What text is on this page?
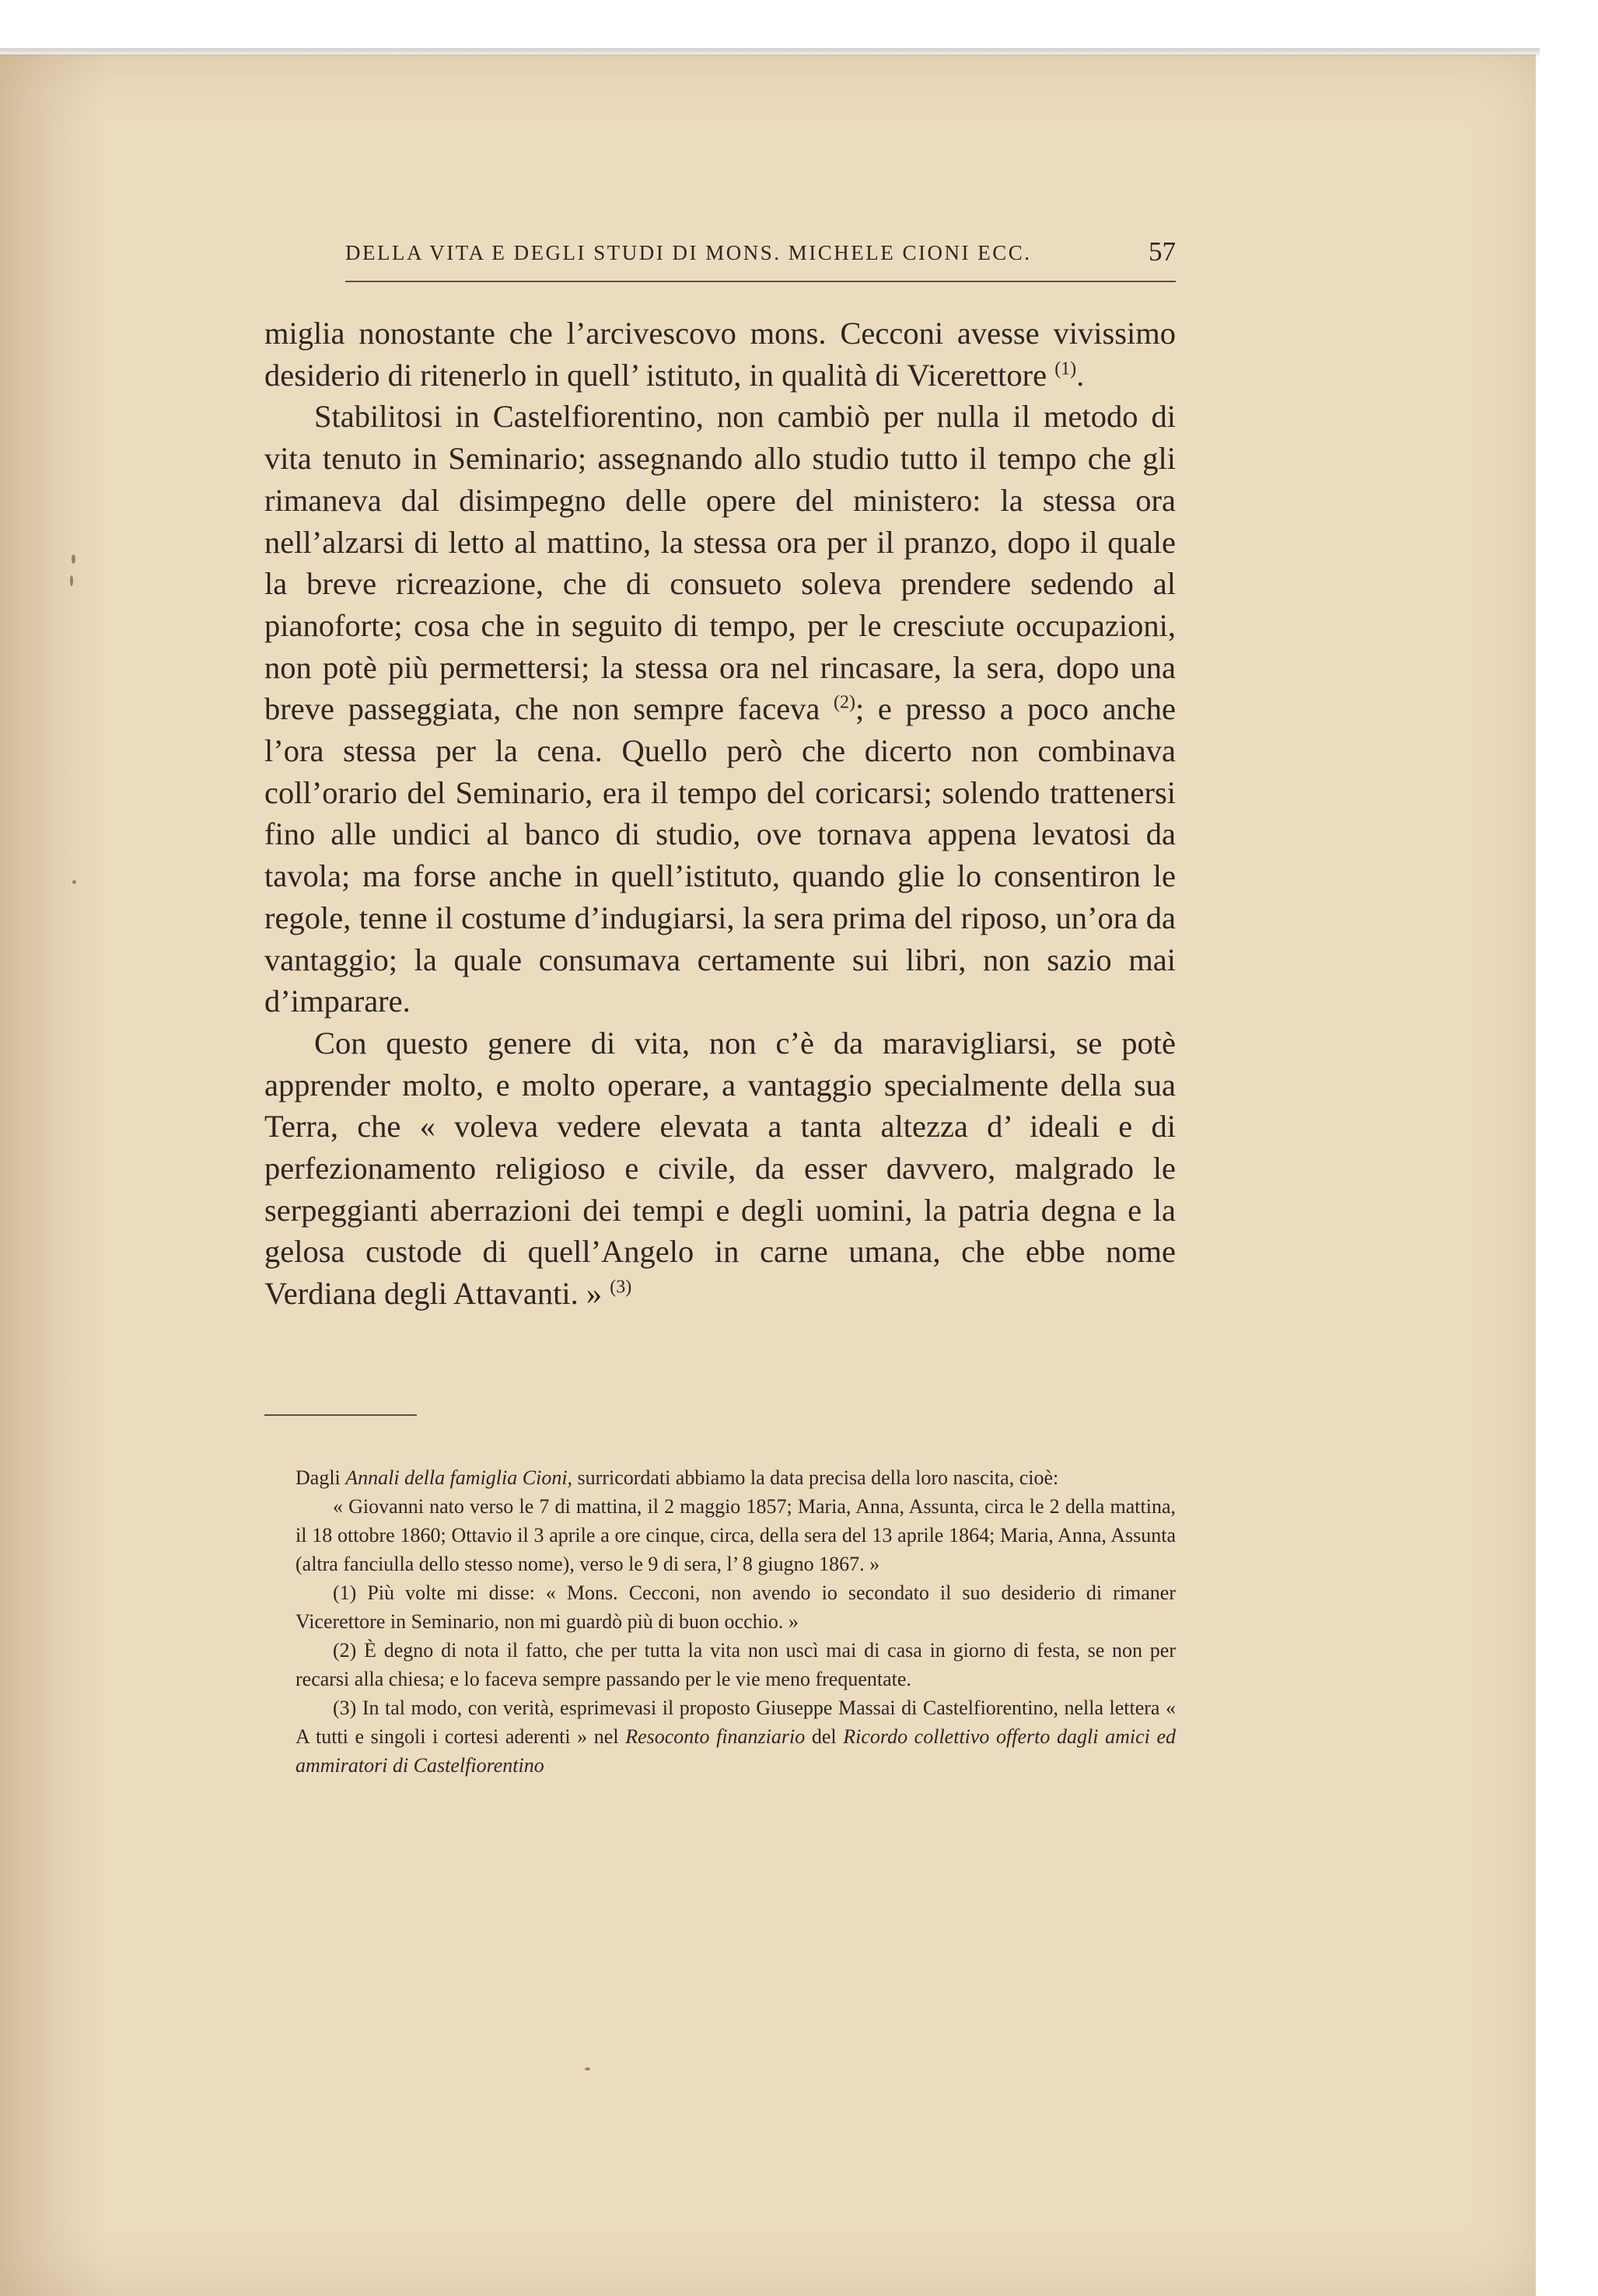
DELLA VITA E DEGLI STUDI DI MONS. MICHELE CIONI ECC.	57

miglia nonostante che l’arcivescovo mons. Cecconi avesse vivissimo desiderio di ritenerlo in quell’ istituto, in qualità di Vicerettore $^{(1)}$.

Stabilitosi in Castelfiorentino, non cambiò per nulla il metodo di vita tenuto in Seminario; assegnando allo studio tutto il tempo che gli rimaneva dal disimpegno delle opere del ministero: la stessa ora nell’alzarsi di letto al mattino, la stessa ora per il pranzo, dopo il quale la breve ricreazione, che di consueto soleva prendere sedendo al pianoforte; cosa che in seguito di tempo, per le cresciute occupazioni, non potè più permettersi; la stessa ora nel rincasare, la sera, dopo una breve passeggiata, che non sempre faceva $^{(2)}$; e presso a poco anche l’ora stessa per la cena. Quello però che dicerto non combinava coll’orario del Seminario, era il tempo del coricarsi; solendo trattenersi fino alle undici al banco di studio, ove tornava appena levatosi da tavola; ma forse anche in quell’istituto, quando glie lo consentiron le regole, tenne il costume d’indugiarsi, la sera prima del riposo, un’ora da vantaggio; la quale consumava certamente sui libri, non sazio mai d’imparare.

Con questo genere di vita, non c’è da maravigliarsi, se potè apprender molto, e molto operare, a vantaggio specialmente della sua Terra, che « voleva vedere elevata a tanta altezza d’ ideali e di perfezionamento religioso e civile, da esser davvero, malgrado le serpeggianti aberrazioni dei tempi e degli uomini, la patria degna e la gelosa custode di quell’Angelo in carne umana, che ebbe nome Verdiana degli Attavanti. » $^{(3)}$

Dagli Annali della famiglia Cioni, surricordati abbiamo la data precisa della loro nascita, cioè:

« Giovanni nato verso le 7 di mattina, il 2 maggio 1857; Maria, Anna, Assunta, circa le 2 della mattina, il 18 ottobre 1860; Ottavio il 3 aprile a ore cinque, circa, della sera del 13 aprile 1864; Maria, Anna, Assunta (altra fanciulla dello stesso nome), verso le 9 di sera, l’ 8 giugno 1867. »

(1) Più volte mi disse: « Mons. Cecconi, non avendo io secondato il suo desiderio di rimaner Vicerettore in Seminario, non mi guardò più di buon occhio. »

(2) È degno di nota il fatto, che per tutta la vita non uscì mai di casa in giorno di festa, se non per recarsi alla chiesa; e lo faceva sempre passando per le vie meno frequentate.

(3) In tal modo, con verità, esprimevasi il proposto Giuseppe Massai di Castelfiorentino, nella lettera « A tutti e singoli i cortesi aderenti » nel Resoconto finanziario del Ricordo collettivo offerto dagli amici ed ammiratori di Castelfiorentino
